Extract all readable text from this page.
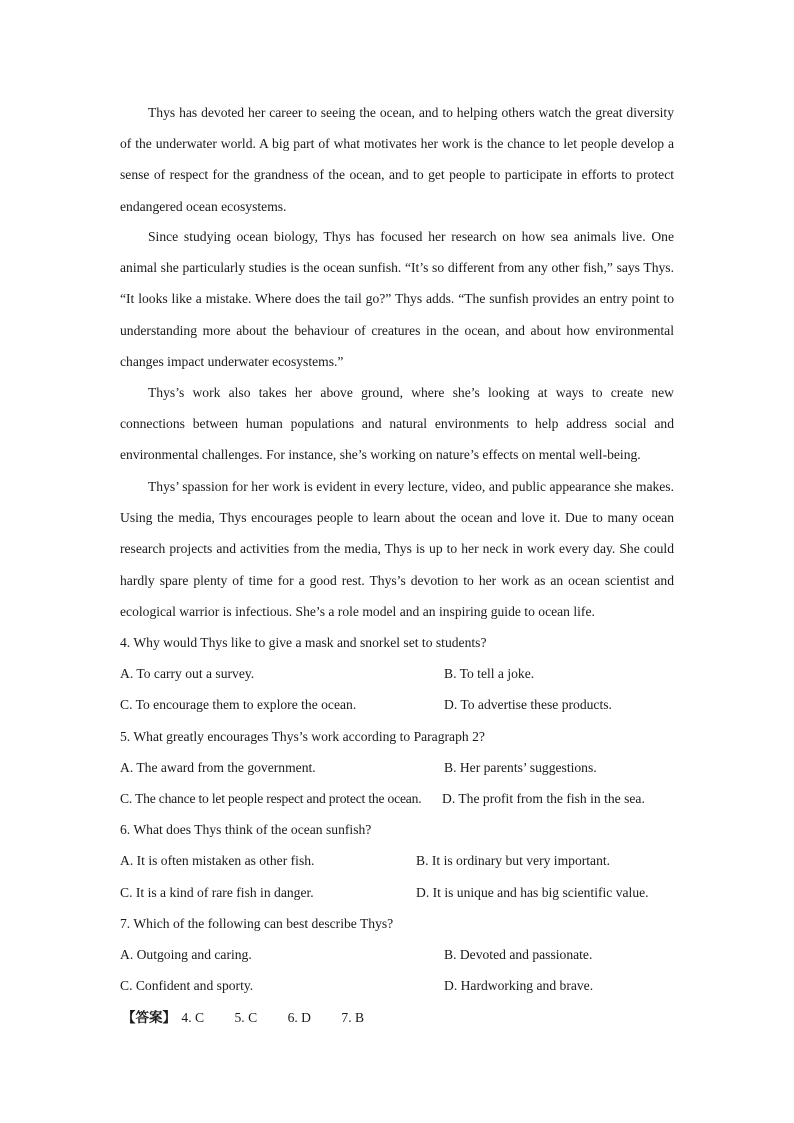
Thys has devoted her career to seeing the ocean, and to helping others watch the great diversity of the underwater world. A big part of what motivates her work is the chance to let people develop a sense of respect for the grandness of the ocean, and to get people to participate in efforts to protect endangered ocean ecosystems.

Since studying ocean biology, Thys has focused her research on how sea animals live. One animal she particularly studies is the ocean sunfish. “It’s so different from any other fish,” says Thys. “It looks like a mistake. Where does the tail go?” Thys adds. “The sunfish provides an entry point to understanding more about the behaviour of creatures in the ocean, and about how environmental changes impact underwater ecosystems.”

Thys’s work also takes her above ground, where she’s looking at ways to create new connections between human populations and natural environments to help address social and environmental challenges. For instance, she’s working on nature’s effects on mental well-being.

Thys’ spassion for her work is evident in every lecture, video, and public appearance she makes. Using the media, Thys encourages people to learn about the ocean and love it. Due to many ocean research projects and activities from the media, Thys is up to her neck in work every day. She could hardly spare plenty of time for a good rest. Thys’s devotion to her work as an ocean scientist and ecological warrior is infectious. She’s a role model and an inspiring guide to ocean life.

4. Why would Thys like to give a mask and snorkel set to students?
A. To carry out a survey.	B. To tell a joke.
C. To encourage them to explore the ocean.	D. To advertise these products.
5. What greatly encourages Thys’s work according to Paragraph 2?
A. The award from the government.	B. Her parents’ suggestions.
C. The chance to let people respect and protect the ocean. D. The profit from the fish in the sea.
6. What does Thys think of the ocean sunfish?
A. It is often mistaken as other fish.	B. It is ordinary but very important.
C. It is a kind of rare fish in danger.	D. It is unique and has big scientific value.
7. Which of the following can best describe Thys?
A. Outgoing and caring.	B. Devoted and passionate.
C. Confident and sporty.	D. Hardworking and brave.
【答案】 4. C 5. C 6. D 7. B
